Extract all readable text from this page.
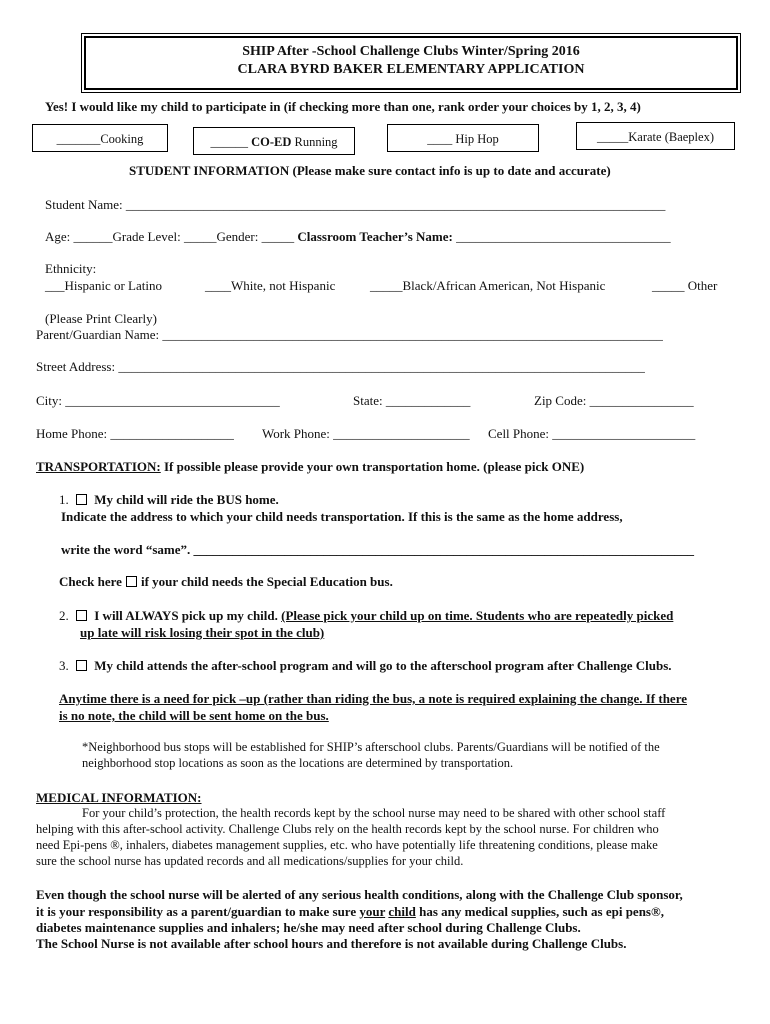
SHIP After -School Challenge Clubs Winter/Spring 2016
CLARA BYRD BAKER ELEMENTARY APPLICATION
Yes! I would like my child to participate in (if checking more than one, rank order your choices by 1, 2, 3, 4)
_______Cooking	______ CO-ED Running	____ Hip Hop	_____Karate (Baeplex)
STUDENT INFORMATION (Please make sure contact info is up to date and accurate)
Student Name: ___________________________________________________________________________________
Age: ______Grade Level: _____Gender: _____ Classroom Teacher’s Name: _________________________________
Ethnicity:
___Hispanic or Latino	____White, not Hispanic	_____Black/African American, Not Hispanic	_____ Other
(Please Print Clearly)
Parent/Guardian Name: _____________________________________________________________________________
Street Address: _________________________________________________________________________________
City: _________________________________	State: _____________	Zip Code: ________________
Home Phone: ___________________ Work Phone: _____________________ Cell Phone: ______________________
TRANSPORTATION: If possible please provide your own transportation home. (please pick ONE)
1. My child will ride the BUS home.
Indicate the address to which your child needs transportation. If this is the same as the home address,
write the word “same”. _____________________________________________________________________________
Check here if your child needs the Special Education bus.
2. I will ALWAYS pick up my child. (Please pick your child up on time. Students who are repeatedly picked
up late will risk losing their spot in the club)
3. My child attends the after-school program and will go to the afterschool program after Challenge Clubs.
Anytime there is a need for pick –up (rather than riding the bus, a note is required explaining the change. If there
is no note, the child will be sent home on the bus.
*Neighborhood bus stops will be established for SHIP’s afterschool clubs. Parents/Guardians will be notified of the
neighborhood stop locations as soon as the locations are determined by transportation.
MEDICAL INFORMATION:
For your child’s protection, the health records kept by the school nurse may need to be shared with other school staff
helping with this after-school activity. Challenge Clubs rely on the health records kept by the school nurse. For children who
need Epi-pens ®, inhalers, diabetes management supplies, etc. who have potentially life threatening conditions, please make
sure the school nurse has updated records and all medications/supplies for your child.
Even though the school nurse will be alerted of any serious health conditions, along with the Challenge Club sponsor,
it is your responsibility as a parent/guardian to make sure your child has any medical supplies, such as epi pens®,
diabetes maintenance supplies and inhalers; he/she may need after school during Challenge Clubs.
The School Nurse is not available after school hours and therefore is not available during Challenge Clubs.
